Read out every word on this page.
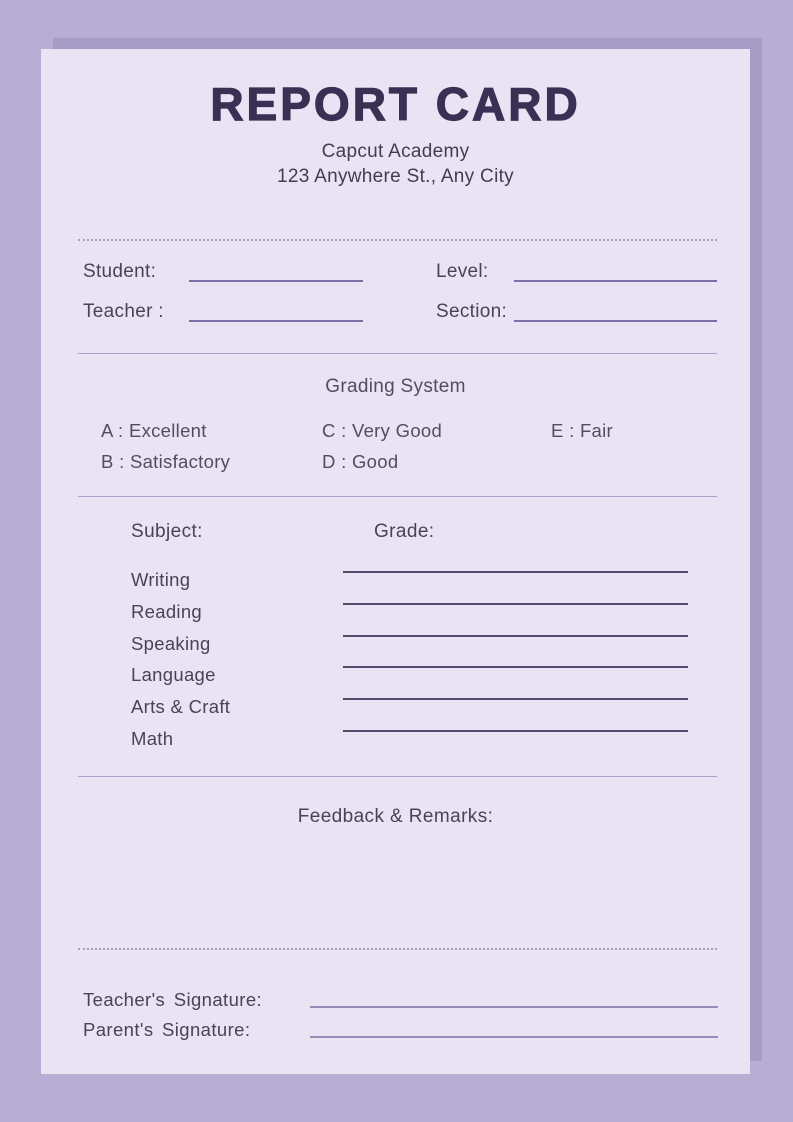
REPORT CARD
Capcut Academy
123 Anywhere St., Any City
Student:	Level:
Teacher :	Section:
Grading System
A : Excellent
B : Satisfactory
C : Very Good
D : Good
E : Fair
Subject:	Grade:
Writing
Reading
Speaking
Language
Arts & Craft
Math
Feedback & Remarks:
Teacher's Signature:
Parent's Signature:
